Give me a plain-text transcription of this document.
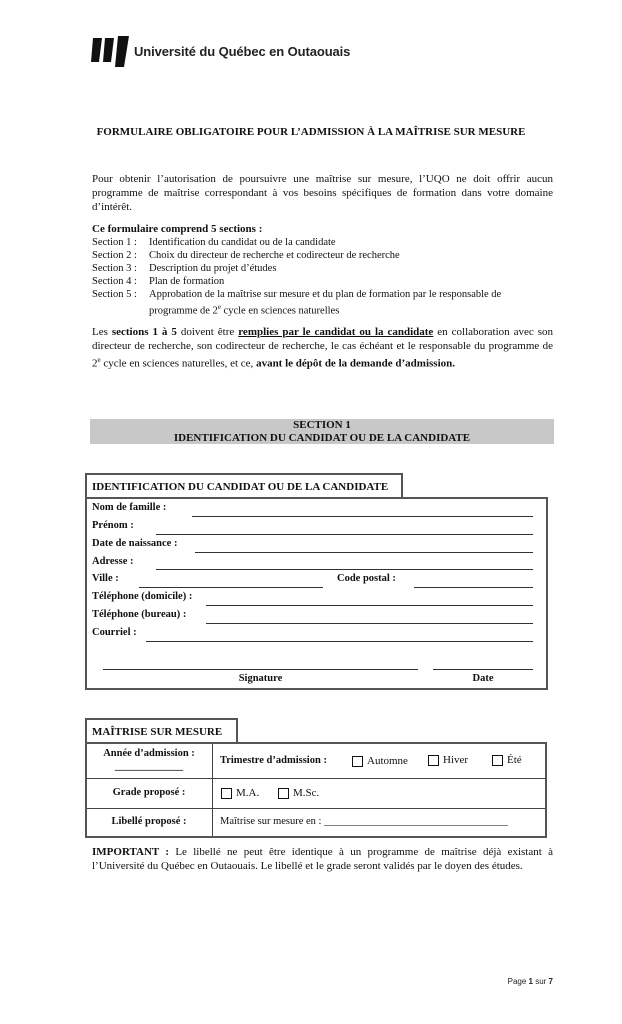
Université du Québec en Outaouais
FORMULAIRE OBLIGATOIRE POUR L’ADMISSION À LA MAÎTRISE SUR MESURE
Pour obtenir l’autorisation de poursuivre une maîtrise sur mesure, l’UQO ne doit offrir aucun programme de maîtrise correspondant à vos besoins spécifiques de formation dans votre domaine d’intérêt.
Ce formulaire comprend 5 sections :
Section 1 :	Identification du candidat ou de la candidate
Section 2 :	Choix du directeur de recherche et codirecteur de recherche
Section 3 :	Description du projet d’études
Section 4 :	Plan de formation
Section 5 :	Approbation de la maîtrise sur mesure et du plan de formation par le responsable de
programme de 2e cycle en sciences naturelles
Les sections 1 à 5 doivent être remplies par le candidat ou la candidate en collaboration avec son directeur de recherche, son codirecteur de recherche, le cas échéant et le responsable du programme de 2e cycle en sciences naturelles, et ce, avant le dépôt de la demande d’admission.
SECTION 1
IDENTIFICATION DU CANDIDAT OU DE LA CANDIDATE
IDENTIFICATION DU CANDIDAT OU DE LA CANDIDATE
Nom de famille :
Prénom :
Date de naissance :
Adresse :
Ville :	Code postal :
Téléphone (domicile) :
Téléphone (bureau) :
Courriel :
Signature	Date
MAÎTRISE SUR MESURE
Année d’admission :
_____________
Trimestre d’admission :	Automne	Hiver	Été
Grade proposé :	M.A.	M.Sc.
Libellé proposé :	Maîtrise sur mesure en : ___________________________________
IMPORTANT : Le libellé ne peut être identique à un programme de maîtrise déjà existant à l’Université du Québec en Outaouais. Le libellé et le grade seront validés par le doyen des études.
Page 1 sur 7
